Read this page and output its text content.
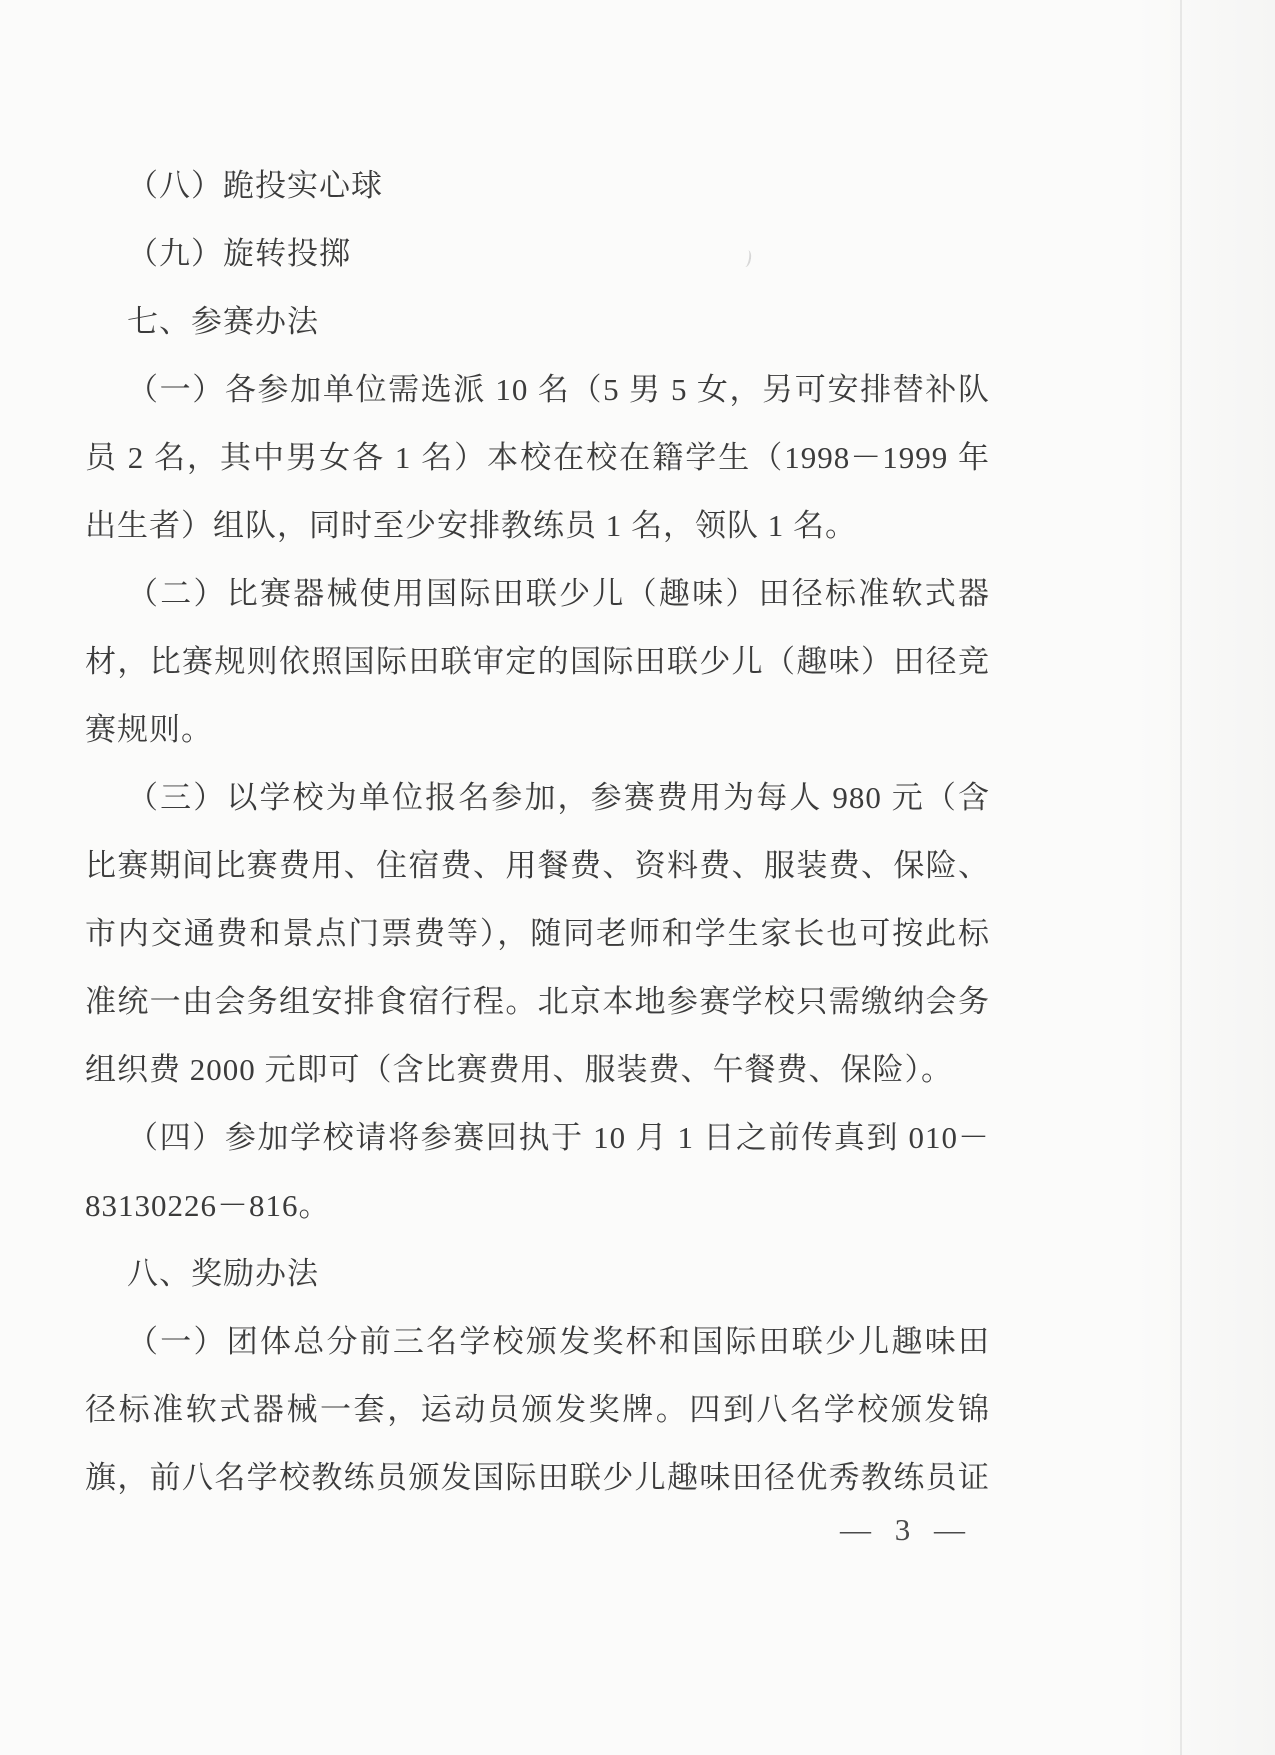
（八）跪投实心球
（九）旋转投掷
七、参赛办法
（一）各参加单位需选派 10 名（5 男 5 女，另可安排替补队
员 2 名，其中男女各 1 名）本校在校在籍学生（1998－1999 年
出生者）组队，同时至少安排教练员 1 名，领队 1 名。
（二）比赛器械使用国际田联少儿（趣味）田径标准软式器
材，比赛规则依照国际田联审定的国际田联少儿（趣味）田径竞
赛规则。
（三）以学校为单位报名参加，参赛费用为每人 980 元（含
比赛期间比赛费用、住宿费、用餐费、资料费、服装费、保险、
市内交通费和景点门票费等），随同老师和学生家长也可按此标
准统一由会务组安排食宿行程。北京本地参赛学校只需缴纳会务
组织费 2000 元即可（含比赛费用、服装费、午餐费、保险）。
（四）参加学校请将参赛回执于 10 月 1 日之前传真到 010－
83130226－816。
八、奖励办法
（一）团体总分前三名学校颁发奖杯和国际田联少儿趣味田
径标准软式器械一套，运动员颁发奖牌。四到八名学校颁发锦
旗，前八名学校教练员颁发国际田联少儿趣味田径优秀教练员证
— 3 —
